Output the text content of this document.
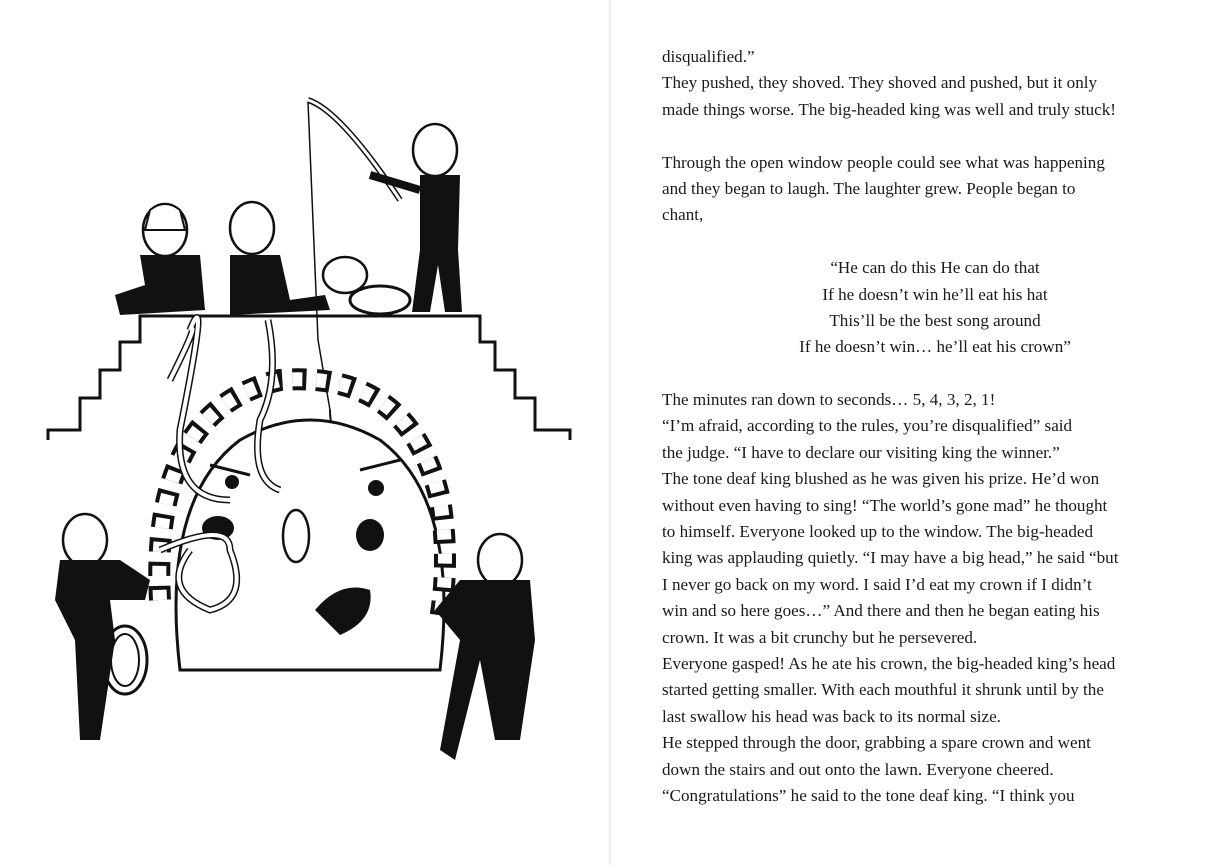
disqualified.”
They pushed, they shoved. They shoved and pushed, but it only
made things worse. The big-headed king was well and truly stuck!
Through the open window people could see what was happening
and they began to laugh. The laughter grew. People began to
chant,
“He can do this He can do that
If he doesn’t win he’ll eat his hat
This’ll be the best song around
If he doesn’t win… he’ll eat his crown”
The minutes ran down to seconds… 5, 4, 3, 2, 1!
“I’m afraid, according to the rules, you’re disqualified” said
the judge. “I have to declare our visiting king the winner.”
The tone deaf king blushed as he was given his prize. He’d won
without even having to sing! “The world’s gone mad” he thought
to himself. Everyone looked up to the window. The big-headed
king was applauding quietly. “I may have a big head,” he said “but
I never go back on my word. I said I’d eat my crown if I didn’t
win and so here goes…” And there and then he began eating his
crown. It was a bit crunchy but he persevered.
Everyone gasped! As he ate his crown, the big-headed king’s head
started getting smaller. With each mouthful it shrunk until by the
last swallow his head was back to its normal size.
He stepped through the door, grabbing a spare crown and went
down the stairs and out onto the lawn. Everyone cheered.
“Congratulations” he said to the tone deaf king. “I think you
